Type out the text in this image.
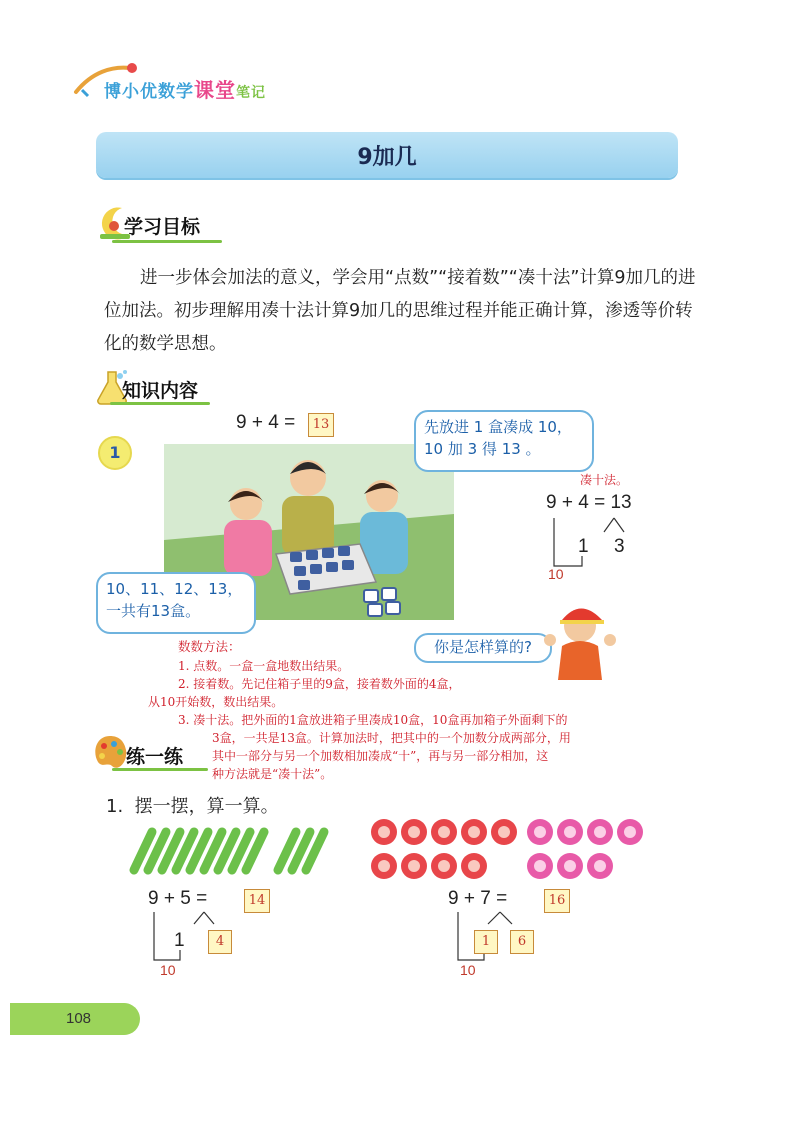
博小优数学课堂笔记
9加几
学习目标
进一步体会加法的意义，学会用“点数”“接着数”“凑十法”计算9加几的进位加法。初步理解用凑十法计算9加几的思维过程并能正确计算，渗透等价转化的数学思想。
知识内容
1
9 + 4 =	13	先放进 1 盒凑成 10，10 加 3 得 13 。
10、11、12、13，一共有13盒。
你是怎样算的?
凑十法。
9 + 4 = 13
1 3
10
数数方法：
1. 点数。一盒一盒地数出结果。
2. 接着数。先记住箱子里的9盒，接着数外面的4盒，
从10开始数，数出结果。
3. 凑十法。把外面的1盒放进箱子里凑成10盒，10盒再加箱子外面剩下的
3盒，一共是13盒。计算加法时，把其中的一个加数分成两部分，用
其中一部分与另一个加数相加凑成“十”，再与另一部分相加，这
种方法就是“凑十法”。
练一练
1.  摆一摆，算一算。
9 + 5 =	14
1	4
10
9 + 7 =	16
1	6
10
108
